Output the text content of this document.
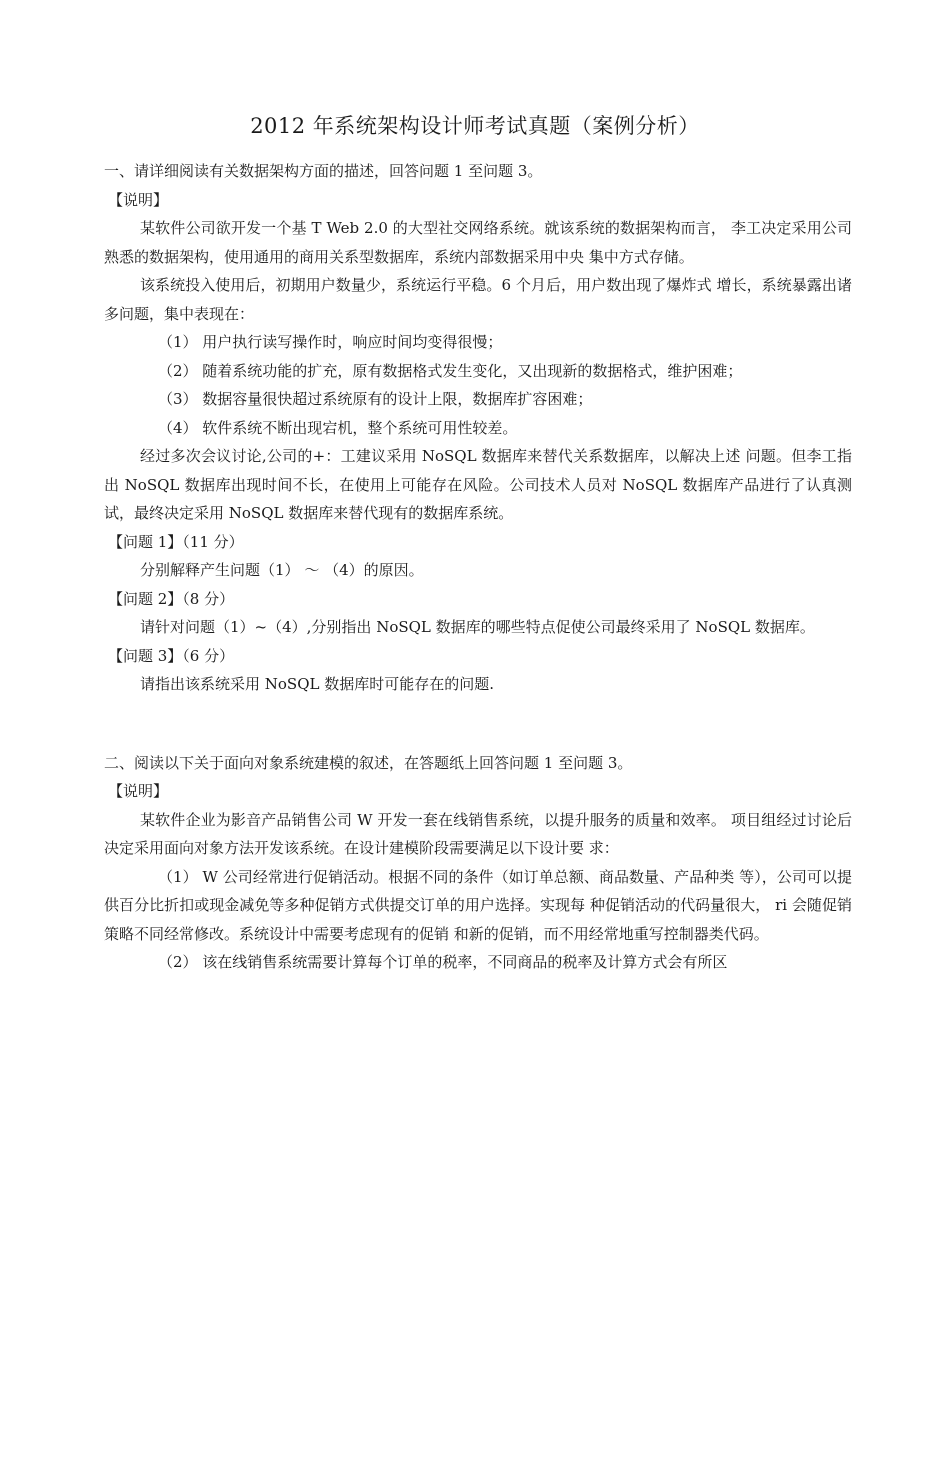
2012 年系统架构设计师考试真题（案例分析）

一、请详细阅读有关数据架构方面的描述，回答问题 1 至问题 3。

【说明】

某软件公司欲开发一个基 T Web 2.0 的大型社交网络系统。就该系统的数据架构而言， 李工决定采用公司熟悉的数据架构，使用通用的商用关系型数据库，系统内部数据采用中央 集中方式存储。

该系统投入使用后，初期用户数量少，系统运行平稳。6 个月后，用户数出现了爆炸式 增长，系统暴露出诸多问题，集中表现在：

（1） 用户执行读写操作时，响应时间均变得很慢；

（2） 随着系统功能的扩充，原有数据格式发生变化，又出现新的数据格式，维护困难；

（3） 数据容量很快超过系统原有的设计上限，数据库扩容困难；

（4） 软件系统不断出现宕机，整个系统可用性较差。

经过多次会议讨论,公司的+：工建议采用 NoSQL 数据库来替代关系数据库，以解决上述 问题。但李工指出 NoSQL 数据库出现时间不长，在使用上可能存在风险。公司技术人员对 NoSQL 数据库产品进行了认真测试，最终决定采用 NoSQL 数据库来替代现有的数据库系统。

【问题 1】（11 分）

分别解释产生问题（1） ～ （4）的原因。

【问题 2】（8 分）

请针对问题（1）~（4）,分别指出 NoSQL 数据库的哪些特点促使公司最终采用了 NoSQL 数据库。

【问题 3】（6 分）

请指出该系统采用 NoSQL 数据库时可能存在的问题.

二、阅读以下关于面向对象系统建模的叙述，在答题纸上回答问题 1 至问题 3。

【说明】

某软件企业为影音产品销售公司 W 开发一套在线销售系统，以提升服务的质量和效率。 项目组经过讨论后决定采用面向对象方法开发该系统。在设计建模阶段需要满足以下设计要 求：

（1） W 公司经常进行促销活动。根据不同的条件（如订单总额、商品数量、产品种类 等），公司可以提供百分比折扣或现金减免等多种促销方式供提交订单的用户选择。实现每 种促销活动的代码量很大， ri 会随促销策略不同经常修改。系统设计中需要考虑现有的促销 和新的促销，而不用经常地重写控制器类代码。

（2） 该在线销售系统需要计算每个订单的税率，不同商品的税率及计算方式会有所区
